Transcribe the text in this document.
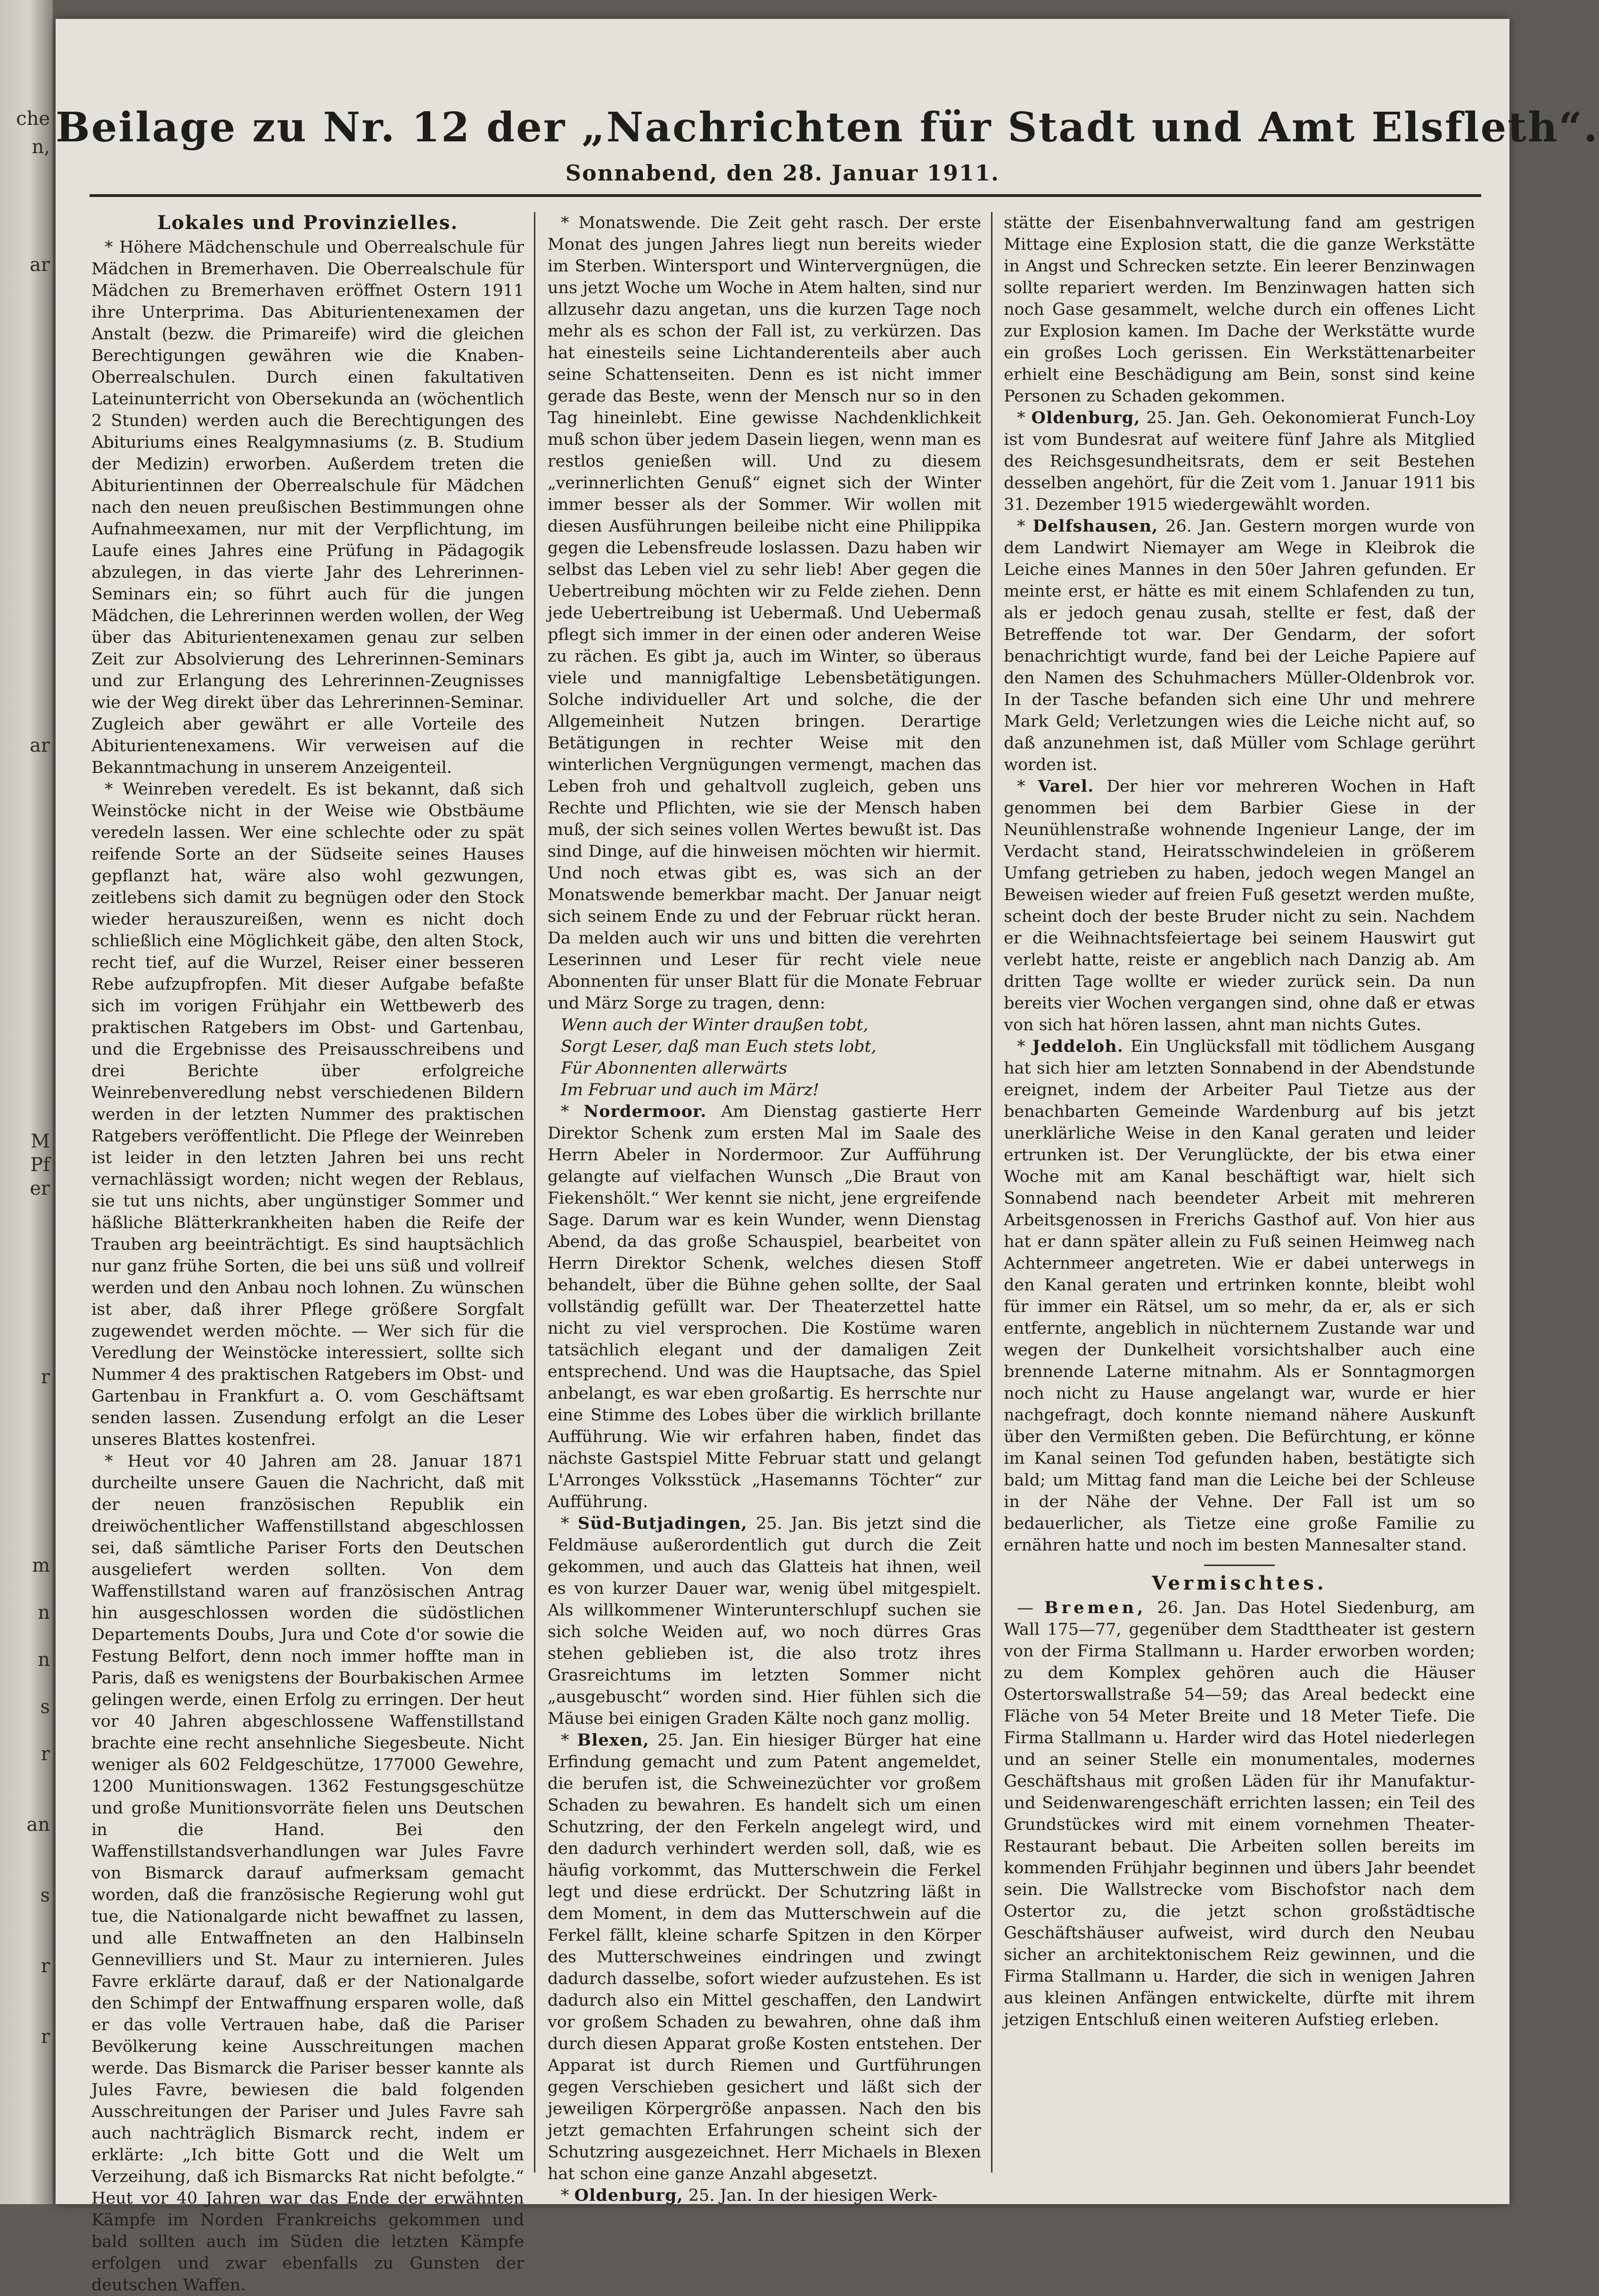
che
n,
ar
ar
M
Pf
er
r
m
n
n
s
r
an
s
r
r
Beilage zu Nr. 12 der „Nachrichten für Stadt und Amt Elsfleth“.
Sonnabend, den 28. Januar 1911.
Lokales und Provinzielles.

* Höhere Mädchenschule und Oberrealschule für Mädchen in Bremerhaven. Die Oberrealschule für Mädchen zu Bremerhaven eröffnet Ostern 1911 ihre Unterprima. Das Abiturientenexamen der Anstalt (bezw. die Primareife) wird die gleichen Berechtigungen gewähren wie die Knaben-Oberrealschulen. Durch einen fakultativen Lateinunterricht von Obersekunda an (wöchentlich 2 Stunden) werden auch die Berechtigungen des Abituriums eines Realgymnasiums (z. B. Studium der Medizin) erworben. Außerdem treten die Abiturientinnen der Oberrealschule für Mädchen nach den neuen preußischen Bestimmungen ohne Aufnahmeexamen, nur mit der Verpflichtung, im Laufe eines Jahres eine Prüfung in Pädagogik abzulegen, in das vierte Jahr des Lehrerinnen-Seminars ein; so führt auch für die jungen Mädchen, die Lehrerinnen werden wollen, der Weg über das Abiturientenexamen genau zur selben Zeit zur Absolvierung des Lehrerinnen-Seminars und zur Erlangung des Lehrerinnen-Zeugnisses wie der Weg direkt über das Lehrerinnen-Seminar. Zugleich aber gewährt er alle Vorteile des Abiturientenexamens. Wir verweisen auf die Bekanntmachung in unserem Anzeigenteil.

* Weinreben veredelt. Es ist bekannt, daß sich Weinstöcke nicht in der Weise wie Obstbäume veredeln lassen. Wer eine schlechte oder zu spät reifende Sorte an der Südseite seines Hauses gepflanzt hat, wäre also wohl gezwungen, zeitlebens sich damit zu begnügen oder den Stock wieder herauszureißen, wenn es nicht doch schließlich eine Möglichkeit gäbe, den alten Stock, recht tief, auf die Wurzel, Reiser einer besseren Rebe aufzupfropfen. Mit dieser Aufgabe befaßte sich im vorigen Frühjahr ein Wettbewerb des praktischen Ratgebers im Obst- und Gartenbau, und die Ergebnisse des Preisausschreibens und drei Berichte über erfolgreiche Weinrebenveredlung nebst verschiedenen Bildern werden in der letzten Nummer des praktischen Ratgebers veröffentlicht. Die Pflege der Weinreben ist leider in den letzten Jahren bei uns recht vernachlässigt worden; nicht wegen der Reblaus, sie tut uns nichts, aber ungünstiger Sommer und häßliche Blätterkrankheiten haben die Reife der Trauben arg beeinträchtigt. Es sind hauptsächlich nur ganz frühe Sorten, die bei uns süß und vollreif werden und den Anbau noch lohnen. Zu wünschen ist aber, daß ihrer Pflege größere Sorgfalt zugewendet werden möchte. — Wer sich für die Veredlung der Weinstöcke interessiert, sollte sich Nummer 4 des praktischen Ratgebers im Obst- und Gartenbau in Frankfurt a. O. vom Geschäftsamt senden lassen. Zusendung erfolgt an die Leser unseres Blattes kostenfrei.

* Heut vor 40 Jahren am 28. Januar 1871 durcheilte unsere Gauen die Nachricht, daß mit der neuen französischen Republik ein dreiwöchentlicher Waffenstillstand abgeschlossen sei, daß sämtliche Pariser Forts den Deutschen ausgeliefert werden sollten. Von dem Waffenstillstand waren auf französischen Antrag hin ausgeschlossen worden die südöstlichen Departements Doubs, Jura und Cote d'or sowie die Festung Belfort, denn noch immer hoffte man in Paris, daß es wenigstens der Bourbakischen Armee gelingen werde, einen Erfolg zu erringen. Der heut vor 40 Jahren abgeschlossene Waffenstillstand brachte eine recht ansehnliche Siegesbeute. Nicht weniger als 602 Feldgeschütze, 177000 Gewehre, 1200 Munitionswagen. 1362 Festungsgeschütze und große Munitionsvorräte fielen uns Deutschen in die Hand. Bei den Waffenstillstandsverhandlungen war Jules Favre von Bismarck darauf aufmerksam gemacht worden, daß die französische Regierung wohl gut tue, die Nationalgarde nicht bewaffnet zu lassen, und alle Entwaffneten an den Halbinseln Gennevilliers und St. Maur zu internieren. Jules Favre erklärte darauf, daß er der Nationalgarde den Schimpf der Entwaffnung ersparen wolle, daß er das volle Vertrauen habe, daß die Pariser Bevölkerung keine Ausschreitungen machen werde. Das Bismarck die Pariser besser kannte als Jules Favre, bewiesen die bald folgenden Ausschreitungen der Pariser und Jules Favre sah auch nachträglich Bismarck recht, indem er erklärte: „Ich bitte Gott und die Welt um Verzeihung, daß ich Bismarcks Rat nicht befolgte.“ Heut vor 40 Jahren war das Ende der erwähnten Kämpfe im Norden Frankreichs gekommen und bald sollten auch im Süden die letzten Kämpfe erfolgen und zwar ebenfalls zu Gunsten der deutschen Waffen.

* Monatswende. Die Zeit geht rasch. Der erste Monat des jungen Jahres liegt nun bereits wieder im Sterben. Wintersport und Wintervergnügen, die uns jetzt Woche um Woche in Atem halten, sind nur allzusehr dazu angetan, uns die kurzen Tage noch mehr als es schon der Fall ist, zu verkürzen. Das hat einesteils seine Lichtanderenteils aber auch seine Schattenseiten. Denn es ist nicht immer gerade das Beste, wenn der Mensch nur so in den Tag hineinlebt. Eine gewisse Nachdenklichkeit muß schon über jedem Dasein liegen, wenn man es restlos genießen will. Und zu diesem „verinnerlichten Genuß“ eignet sich der Winter immer besser als der Sommer. Wir wollen mit diesen Ausführungen beileibe nicht eine Philippika gegen die Lebensfreude loslassen. Dazu haben wir selbst das Leben viel zu sehr lieb! Aber gegen die Uebertreibung möchten wir zu Felde ziehen. Denn jede Uebertreibung ist Uebermaß. Und Uebermaß pflegt sich immer in der einen oder anderen Weise zu rächen. Es gibt ja, auch im Winter, so überaus viele und mannigfaltige Lebensbetätigungen. Solche individueller Art und solche, die der Allgemeinheit Nutzen bringen. Derartige Betätigungen in rechter Weise mit den winterlichen Vergnügungen vermengt, machen das Leben froh und gehaltvoll zugleich, geben uns Rechte und Pflichten, wie sie der Mensch haben muß, der sich seines vollen Wertes bewußt ist. Das sind Dinge, auf die hinweisen möchten wir hiermit. Und noch etwas gibt es, was sich an der Monatswende bemerkbar macht. Der Januar neigt sich seinem Ende zu und der Februar rückt heran. Da melden auch wir uns und bitten die verehrten Leserinnen und Leser für recht viele neue Abonnenten für unser Blatt für die Monate Februar und März Sorge zu tragen, denn:

Wenn auch der Winter draußen tobt,

Sorgt Leser, daß man Euch stets lobt,

Für Abonnenten allerwärts

Im Februar und auch im März!

* Nordermoor. Am Dienstag gastierte Herr Direktor Schenk zum ersten Mal im Saale des Herrn Abeler in Nordermoor. Zur Aufführung gelangte auf vielfachen Wunsch „Die Braut von Fiekenshölt.“ Wer kennt sie nicht, jene ergreifende Sage. Darum war es kein Wunder, wenn Dienstag Abend, da das große Schauspiel, bearbeitet von Herrn Direktor Schenk, welches diesen Stoff behandelt, über die Bühne gehen sollte, der Saal vollständig gefüllt war. Der Theaterzettel hatte nicht zu viel versprochen. Die Kostüme waren tatsächlich elegant und der damaligen Zeit entsprechend. Und was die Hauptsache, das Spiel anbelangt, es war eben großartig. Es herrschte nur eine Stimme des Lobes über die wirklich brillante Aufführung. Wie wir erfahren haben, findet das nächste Gastspiel Mitte Februar statt und gelangt L'Arronges Volksstück „Hasemanns Töchter“ zur Aufführung.

* Süd-Butjadingen, 25. Jan. Bis jetzt sind die Feldmäuse außerordentlich gut durch die Zeit gekommen, und auch das Glatteis hat ihnen, weil es von kurzer Dauer war, wenig übel mitgespielt. Als willkommener Winterunterschlupf suchen sie sich solche Weiden auf, wo noch dürres Gras stehen geblieben ist, die also trotz ihres Grasreichtums im letzten Sommer nicht „ausgebuscht“ worden sind. Hier fühlen sich die Mäuse bei einigen Graden Kälte noch ganz mollig.

* Blexen, 25. Jan. Ein hiesiger Bürger hat eine Erfindung gemacht und zum Patent angemeldet, die berufen ist, die Schweinezüchter vor großem Schaden zu bewahren. Es handelt sich um einen Schutzring, der den Ferkeln angelegt wird, und den dadurch verhindert werden soll, daß, wie es häufig vorkommt, das Mutterschwein die Ferkel legt und diese erdrückt. Der Schutzring läßt in dem Moment, in dem das Mutterschwein auf die Ferkel fällt, kleine scharfe Spitzen in den Körper des Mutterschweines eindringen und zwingt dadurch dasselbe, sofort wieder aufzustehen. Es ist dadurch also ein Mittel geschaffen, den Landwirt vor großem Schaden zu bewahren, ohne daß ihm durch diesen Apparat große Kosten entstehen. Der Apparat ist durch Riemen und Gurtführungen gegen Verschieben gesichert und läßt sich der jeweiligen Körpergröße anpassen. Nach den bis jetzt gemachten Erfahrungen scheint sich der Schutzring ausgezeichnet. Herr Michaels in Blexen hat schon eine ganze Anzahl abgesetzt.

* Oldenburg, 25. Jan. In der hiesigen Werk-

stätte der Eisenbahnverwaltung fand am gestrigen Mittage eine Explosion statt, die die ganze Werkstätte in Angst und Schrecken setzte. Ein leerer Benzinwagen sollte repariert werden. Im Benzinwagen hatten sich noch Gase gesammelt, welche durch ein offenes Licht zur Explosion kamen. Im Dache der Werkstätte wurde ein großes Loch gerissen. Ein Werkstättenarbeiter erhielt eine Beschädigung am Bein, sonst sind keine Personen zu Schaden gekommen.

* Oldenburg, 25. Jan. Geh. Oekonomierat Funch-Loy ist vom Bundesrat auf weitere fünf Jahre als Mitglied des Reichsgesundheitsrats, dem er seit Bestehen desselben angehört, für die Zeit vom 1. Januar 1911 bis 31. Dezember 1915 wiedergewählt worden.

* Delfshausen, 26. Jan. Gestern morgen wurde von dem Landwirt Niemayer am Wege in Kleibrok die Leiche eines Mannes in den 50er Jahren gefunden. Er meinte erst, er hätte es mit einem Schlafenden zu tun, als er jedoch genau zusah, stellte er fest, daß der Betreffende tot war. Der Gendarm, der sofort benachrichtigt wurde, fand bei der Leiche Papiere auf den Namen des Schuhmachers Müller-Oldenbrok vor. In der Tasche befanden sich eine Uhr und mehrere Mark Geld; Verletzungen wies die Leiche nicht auf, so daß anzunehmen ist, daß Müller vom Schlage gerührt worden ist.

* Varel. Der hier vor mehreren Wochen in Haft genommen bei dem Barbier Giese in der Neunühlenstraße wohnende Ingenieur Lange, der im Verdacht stand, Heiratsschwindeleien in größerem Umfang getrieben zu haben, jedoch wegen Mangel an Beweisen wieder auf freien Fuß gesetzt werden mußte, scheint doch der beste Bruder nicht zu sein. Nachdem er die Weihnachtsfeiertage bei seinem Hauswirt gut verlebt hatte, reiste er angeblich nach Danzig ab. Am dritten Tage wollte er wieder zurück sein. Da nun bereits vier Wochen vergangen sind, ohne daß er etwas von sich hat hören lassen, ahnt man nichts Gutes.

* Jeddeloh. Ein Unglücksfall mit tödlichem Ausgang hat sich hier am letzten Sonnabend in der Abendstunde ereignet, indem der Arbeiter Paul Tietze aus der benachbarten Gemeinde Wardenburg auf bis jetzt unerklärliche Weise in den Kanal geraten und leider ertrunken ist. Der Verunglückte, der bis etwa einer Woche mit am Kanal beschäftigt war, hielt sich Sonnabend nach beendeter Arbeit mit mehreren Arbeitsgenossen in Frerichs Gasthof auf. Von hier aus hat er dann später allein zu Fuß seinen Heimweg nach Achternmeer angetreten. Wie er dabei unterwegs in den Kanal geraten und ertrinken konnte, bleibt wohl für immer ein Rätsel, um so mehr, da er, als er sich entfernte, angeblich in nüchternem Zustande war und wegen der Dunkelheit vorsichtshalber auch eine brennende Laterne mitnahm. Als er Sonntagmorgen noch nicht zu Hause angelangt war, wurde er hier nachgefragt, doch konnte niemand nähere Auskunft über den Vermißten geben. Die Befürchtung, er könne im Kanal seinen Tod gefunden haben, bestätigte sich bald; um Mittag fand man die Leiche bei der Schleuse in der Nähe der Vehne. Der Fall ist um so bedauerlicher, als Tietze eine große Familie zu ernähren hatte und noch im besten Mannesalter stand.

Vermischtes.

— Bremen, 26. Jan. Das Hotel Siedenburg, am Wall 175—77, gegenüber dem Stadttheater ist gestern von der Firma Stallmann u. Harder erworben worden; zu dem Komplex gehören auch die Häuser Ostertorswallstraße 54—59; das Areal bedeckt eine Fläche von 54 Meter Breite und 18 Meter Tiefe. Die Firma Stallmann u. Harder wird das Hotel niederlegen und an seiner Stelle ein monumentales, modernes Geschäftshaus mit großen Läden für ihr Manufaktur- und Seidenwarengeschäft errichten lassen; ein Teil des Grundstückes wird mit einem vornehmen Theater-Restaurant bebaut. Die Arbeiten sollen bereits im kommenden Frühjahr beginnen und übers Jahr beendet sein. Die Wallstrecke vom Bischofstor nach dem Ostertor zu, die jetzt schon großstädtische Geschäftshäuser aufweist, wird durch den Neubau sicher an architektonischem Reiz gewinnen, und die Firma Stallmann u. Harder, die sich in wenigen Jahren aus kleinen Anfängen entwickelte, dürfte mit ihrem jetzigen Entschluß einen weiteren Aufstieg erleben.
